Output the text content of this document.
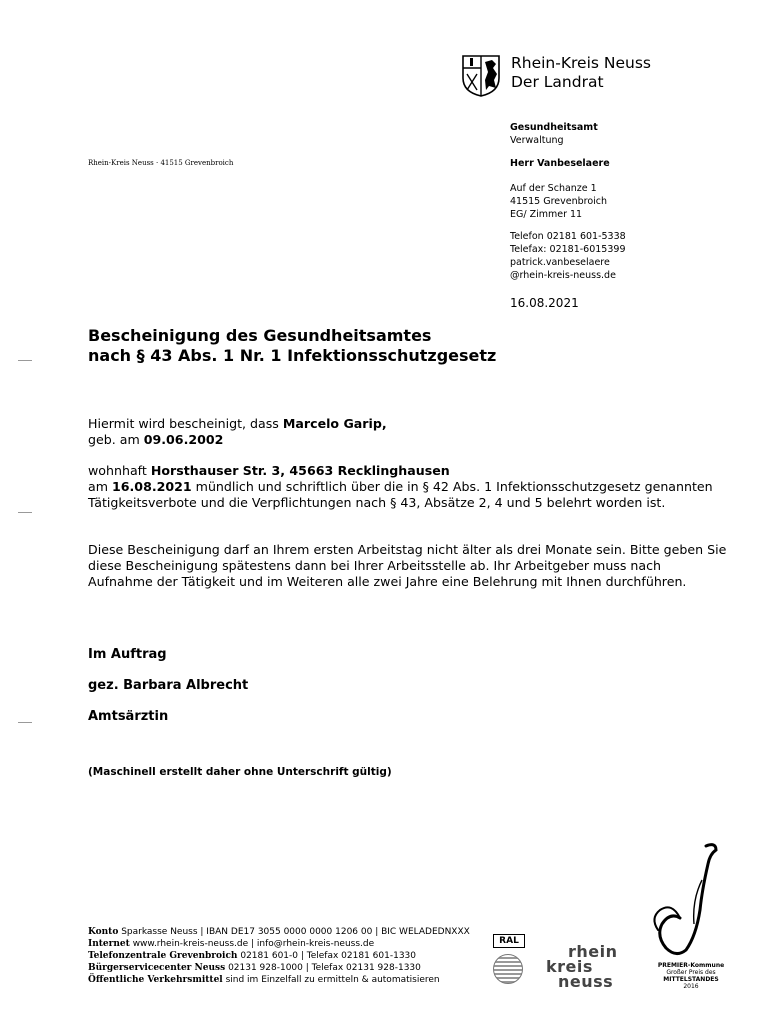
Rhein-Kreis Neuss
Der Landrat
Gesundheitsamt
Verwaltung
Rhein-Kreis Neuss · 41515 Grevenbroich	Herr Vanbeselaere
Auf der Schanze 1
41515 Grevenbroich
EG/ Zimmer 11
Telefon 02181 601-5338
Telefax: 02181-6015399
patrick.vanbeselaere
@rhein-kreis-neuss.de
16.08.2021
Bescheinigung des Gesundheitsamtes
nach § 43 Abs. 1 Nr. 1 Infektionsschutzgesetz
Hiermit wird bescheinigt, dass Marcelo Garip,
geb. am 09.06.2002
wohnhaft Horsthauser Str. 3, 45663 Recklinghausen
am 16.08.2021 mündlich und schriftlich über die in § 42 Abs. 1 Infektionsschutzgesetz genannten Tätigkeitsverbote und die Verpflichtungen nach § 43, Absätze 2, 4 und 5 belehrt worden ist.
Diese Bescheinigung darf an Ihrem ersten Arbeitstag nicht älter als drei Monate sein. Bitte geben Sie diese Bescheinigung spätestens dann bei Ihrer Arbeitsstelle ab. Ihr Arbeitgeber muss nach Aufnahme der Tätigkeit und im Weiteren alle zwei Jahre eine Belehrung mit Ihnen durchführen.
Im Auftrag
gez. Barbara Albrecht
Amtsärztin
(Maschinell erstellt daher ohne Unterschrift gültig)
Konto Sparkasse Neuss | IBAN DE17 3055 0000 0000 1206 00 | BIC WELADEDNXXX
Internet www.rhein-kreis-neuss.de | info@rhein-kreis-neuss.de
Telefonzentrale Grevenbroich 02181 601-0 | Telefax 02181 601-1330
Bürgerservicecenter Neuss 02131 928-1000 | Telefax 02131 928-1330
Öffentliche Verkehrsmittel sind im Einzelfall zu ermitteln & automatisieren
RAL
rhein
kreis
neuss
PREMIER-Kommune
Großer Preis des
MITTELSTANDES
2016
